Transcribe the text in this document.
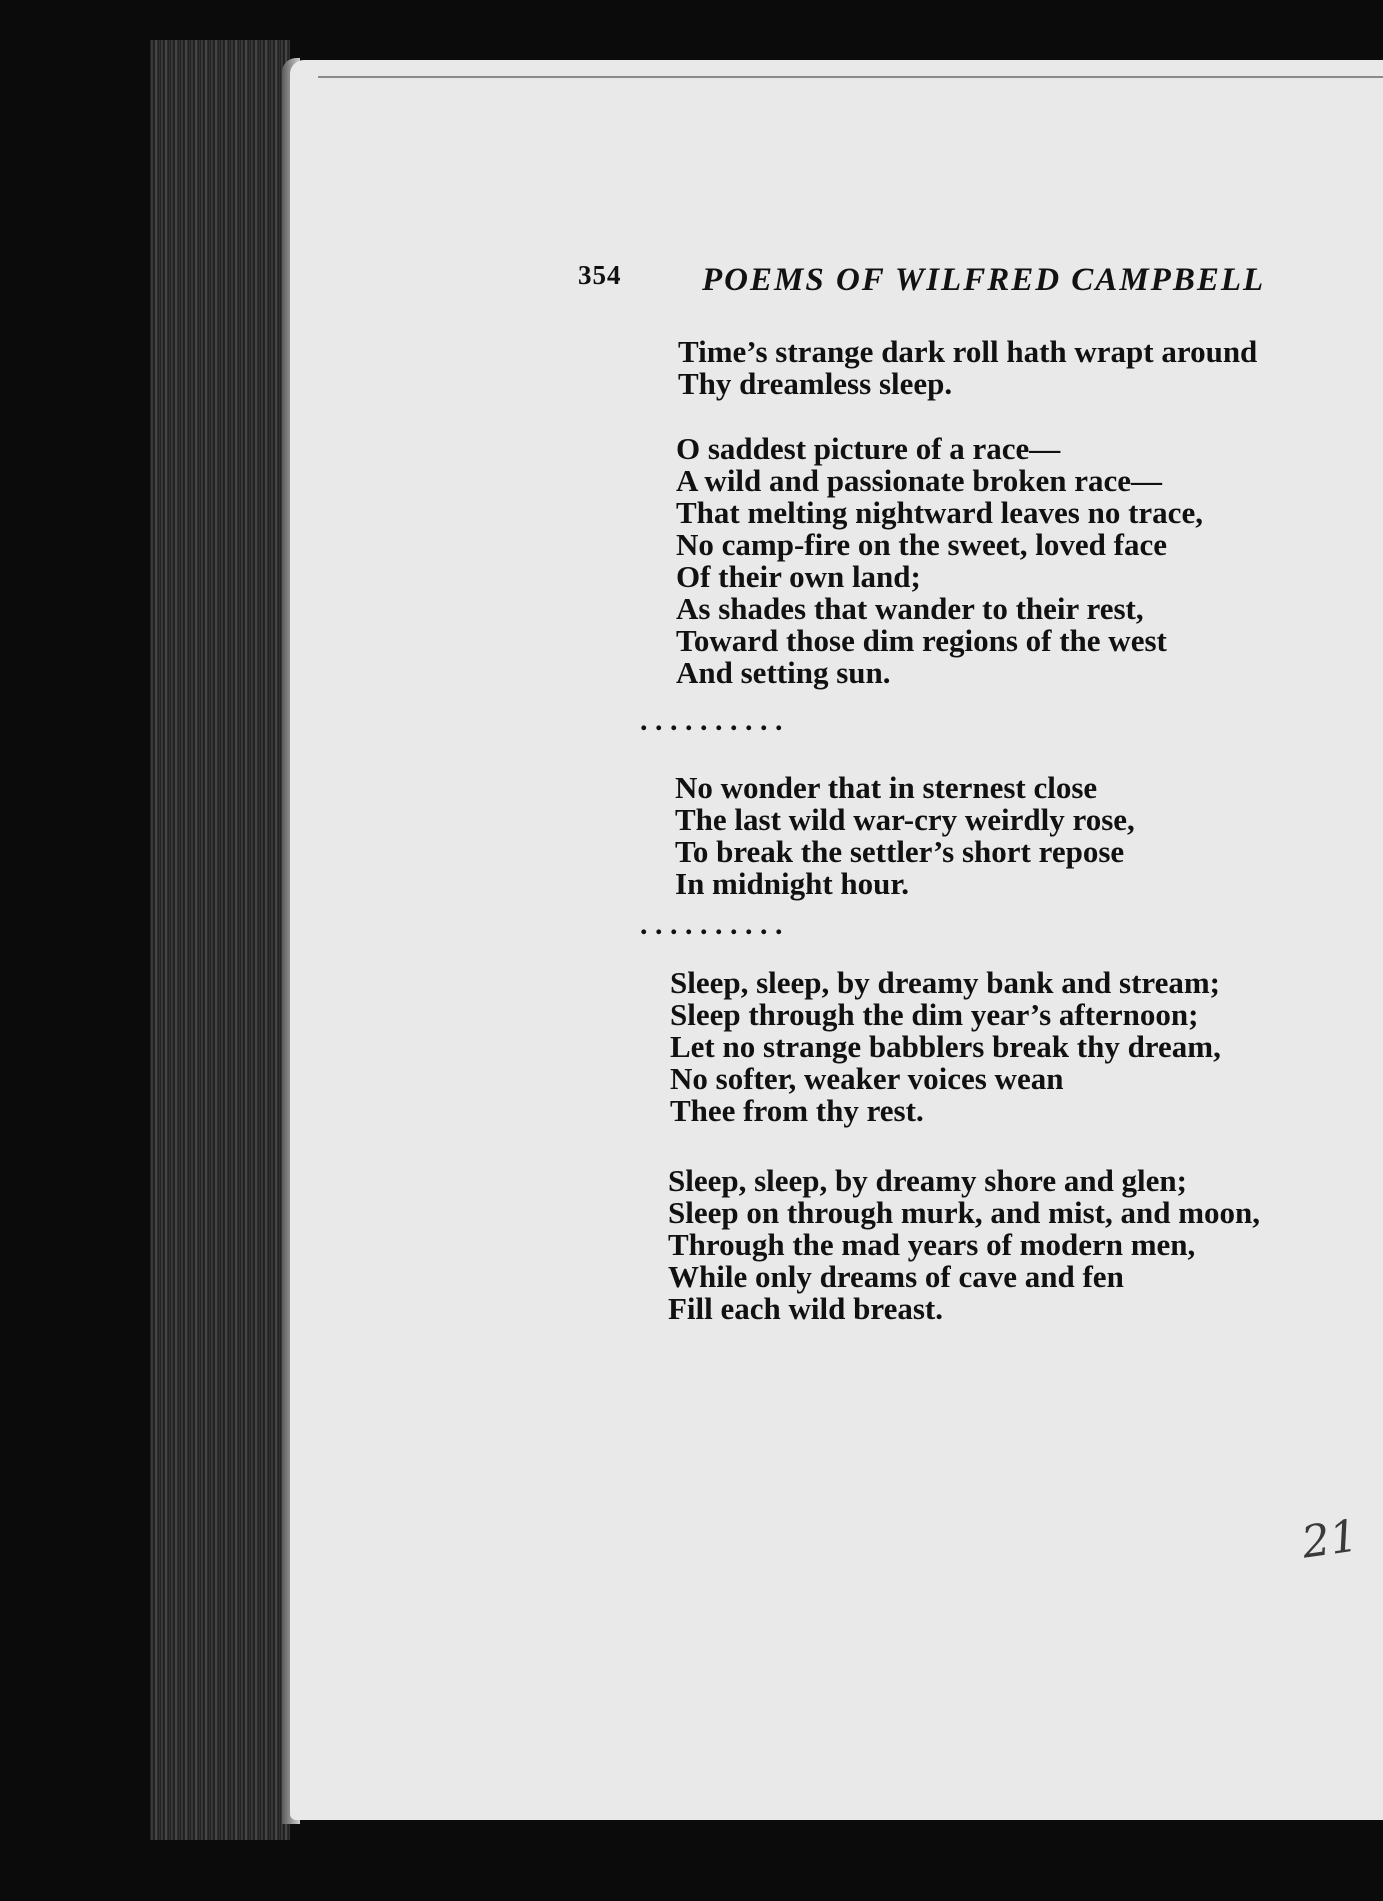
354 POEMS OF WILFRED CAMPBELL
Time’s strange dark roll hath wrapt around
Thy dreamless sleep.
O saddest picture of a race—
A wild and passionate broken race—
That melting nightward leaves no trace,
No camp-fire on the sweet, loved face
Of their own land;
As shades that wander to their rest,
Toward those dim regions of the west
And setting sun.
. . . . . . . . . .
No wonder that in sternest close
The last wild war-cry weirdly rose,
To break the settler’s short repose
In midnight hour.
. . . . . . . . . .
Sleep, sleep, by dreamy bank and stream;
Sleep through the dim year’s afternoon;
Let no strange babblers break thy dream,
No softer, weaker voices wean
Thee from thy rest.
Sleep, sleep, by dreamy shore and glen;
Sleep on through murk, and mist, and moon,
Through the mad years of modern men,
While only dreams of cave and fen
Fill each wild breast.
21
